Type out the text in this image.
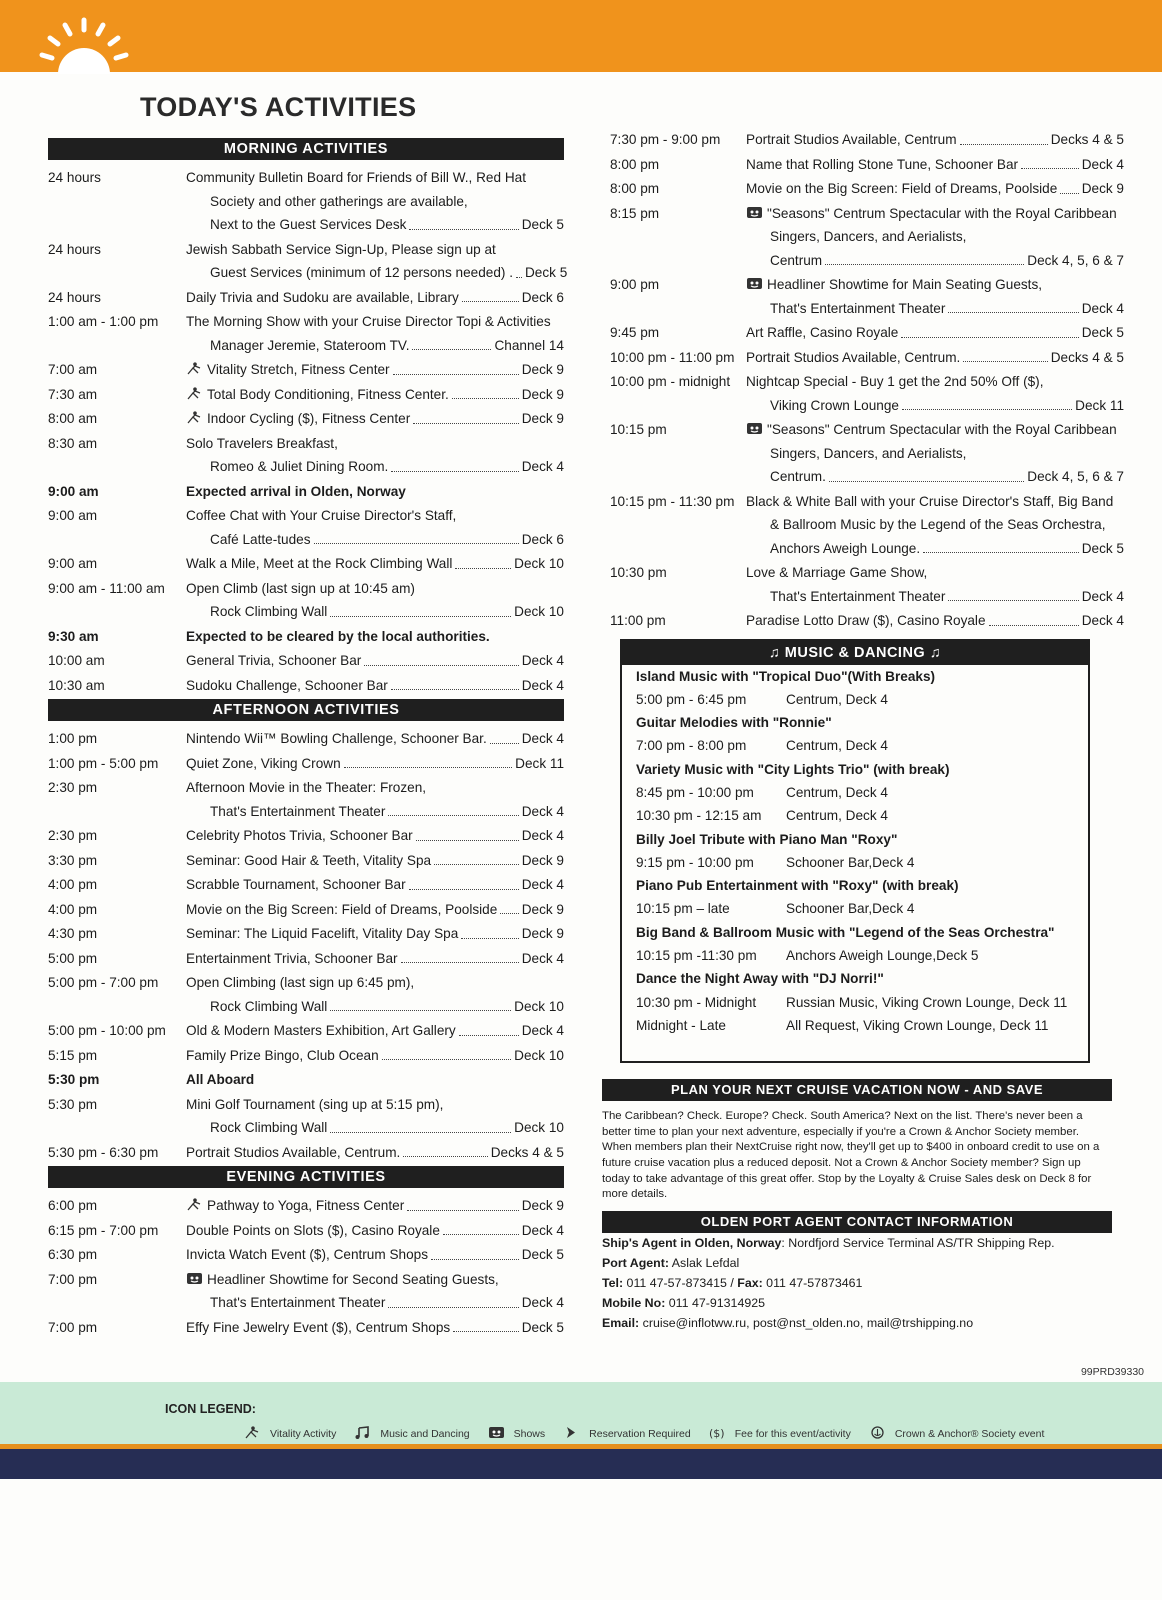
TODAY'S ACTIVITIES
MORNING ACTIVITIES
24 hours	Community Bulletin Board for Friends of Bill W., Red Hat
Society and other gatherings are available,
Next to the Guest Services Desk	Deck 5
24 hours	Jewish Sabbath Service Sign-Up, Please sign up at
Guest Services (minimum of 12 persons needed) . Deck 5
24 hours	Daily Trivia and Sudoku are available, Library	Deck 6
1:00 am - 1:00 pm	The Morning Show with your Cruise Director Topi & Activities
Manager Jeremie, Stateroom TV.	Channel 14
7:00 am	Vitality Stretch, Fitness Center	Deck 9
7:30 am	Total Body Conditioning, Fitness Center.	Deck 9
8:00 am	Indoor Cycling ($), Fitness Center	Deck 9
8:30 am	Solo Travelers Breakfast,
Romeo & Juliet Dining Room.	Deck 4
9:00 am	Expected arrival in Olden, Norway
9:00 am	Coffee Chat with Your Cruise Director's Staff,
Café Latte-tudes	Deck 6
9:00 am	Walk a Mile, Meet at the Rock Climbing Wall	Deck 10
9:00 am - 11:00 am	Open Climb (last sign up at 10:45 am)
Rock Climbing Wall	Deck 10
9:30 am	Expected to be cleared by the local authorities.
10:00 am	General Trivia, Schooner Bar	Deck 4
10:30 am	Sudoku Challenge, Schooner Bar	Deck 4
AFTERNOON ACTIVITIES
1:00 pm	Nintendo Wii™ Bowling Challenge, Schooner Bar.	Deck 4
1:00 pm - 5:00 pm	Quiet Zone, Viking Crown	Deck 11
2:30 pm	Afternoon Movie in the Theater: Frozen,
That's Entertainment Theater	Deck 4
2:30 pm	Celebrity Photos Trivia, Schooner Bar	Deck 4
3:30 pm	Seminar: Good Hair & Teeth, Vitality Spa	Deck 9
4:00 pm	Scrabble Tournament, Schooner Bar	Deck 4
4:00 pm	Movie on the Big Screen: Field of Dreams, Poolside Deck 9
4:30 pm	Seminar: The Liquid Facelift, Vitality Day Spa	Deck 9
5:00 pm	Entertainment Trivia, Schooner Bar	Deck 4
5:00 pm - 7:00 pm	Open Climbing (last sign up 6:45 pm),
Rock Climbing Wall	Deck 10
5:00 pm - 10:00 pm	Old & Modern Masters Exhibition, Art Gallery	Deck 4
5:15 pm	Family Prize Bingo, Club Ocean	Deck 10
5:30 pm	All Aboard
5:30 pm	Mini Golf Tournament (sing up at 5:15 pm),
Rock Climbing Wall	Deck 10
5:30 pm - 6:30 pm	Portrait Studios Available, Centrum.	Decks 4 & 5
EVENING ACTIVITIES
6:00 pm	Pathway to Yoga, Fitness Center	Deck 9
6:15 pm - 7:00 pm	Double Points on Slots ($), Casino Royale	Deck 4
6:30 pm	Invicta Watch Event ($), Centrum Shops	Deck 5
7:00 pm	Headliner Showtime for Second Seating Guests,
That's Entertainment Theater	Deck 4
7:00 pm	Effy Fine Jewelry Event ($), Centrum Shops	Deck 5
7:30 pm - 9:00 pm	Portrait Studios Available, Centrum	Decks 4 & 5
8:00 pm	Name that Rolling Stone Tune, Schooner Bar	Deck 4
8:00 pm	Movie on the Big Screen: Field of Dreams, Poolside Deck 9
8:15 pm	"Seasons" Centrum Spectacular with the Royal Caribbean
Singers, Dancers, and Aerialists,
Centrum	Deck 4, 5, 6 & 7
9:00 pm	Headliner Showtime for Main Seating Guests,
That's Entertainment Theater	Deck 4
9:45 pm	Art Raffle, Casino Royale	Deck 5
10:00 pm - 11:00 pm Portrait Studios Available, Centrum.	Decks 4 & 5
10:00 pm - midnight	Nightcap Special - Buy 1 get the 2nd 50% Off ($),
Viking Crown Lounge	Deck 11
10:15 pm	"Seasons" Centrum Spectacular with the Royal Caribbean
Singers, Dancers, and Aerialists,
Centrum.	Deck 4, 5, 6 & 7
10:15 pm - 11:30 pm Black & White Ball with your Cruise Director's Staff, Big Band
& Ballroom Music by the Legend of the Seas Orchestra,
Anchors Aweigh Lounge.	Deck 5
10:30 pm	Love & Marriage Game Show,
That's Entertainment Theater	Deck 4
11:00 pm	Paradise Lotto Draw ($), Casino Royale	Deck 4
♫ MUSIC & DANCING ♫
Island Music with "Tropical Duo"(With Breaks)
5:00 pm - 6:45 pm	Centrum, Deck 4
Guitar Melodies with "Ronnie"
7:00 pm - 8:00 pm	Centrum, Deck 4
Variety Music with "City Lights Trio" (with break)
8:45 pm - 10:00 pm Centrum, Deck 4
10:30 pm - 12:15 am Centrum, Deck 4
Billy Joel Tribute with Piano Man "Roxy"
9:15 pm - 10:00 pm Schooner Bar,Deck 4
Piano Pub Entertainment with "Roxy" (with break)
10:15 pm – late	Schooner Bar,Deck 4
Big Band & Ballroom Music with "Legend of the Seas Orchestra"
10:15 pm -11:30 pm Anchors Aweigh Lounge,Deck 5
Dance the Night Away with "DJ Norri!"
10:30 pm - Midnight Russian Music, Viking Crown Lounge, Deck 11
Midnight - Late	All Request, Viking Crown Lounge, Deck 11
PLAN YOUR NEXT CRUISE VACATION NOW - AND SAVE
The Caribbean? Check. Europe? Check. South America? Next on the list. There's never been a better time to plan your next adventure, especially if you're a Crown & Anchor Society member. When members plan their NextCruise right now, they'll get up to $400 in onboard credit to use on a future cruise vacation plus a reduced deposit. Not a Crown & Anchor Society member? Sign up today to take advantage of this great offer. Stop by the Loyalty & Cruise Sales desk on Deck 8 for more details.
OLDEN PORT AGENT CONTACT INFORMATION
Ship's Agent in Olden, Norway: Nordfjord Service Terminal AS/TR Shipping Rep.
Port Agent: Aslak Lefdal
Tel: 011 47-57-873415 / Fax: 011 47-57873461
Mobile No: 011 47-91314925
Email: cruise@inflotww.ru, post@nst_olden.no, mail@trshipping.no
99PRD39330
ICON LEGEND:
Vitality Activity	Music and Dancing	Shows	Reservation Required ($) Fee for this event/activity	Crown & Anchor® Society event
